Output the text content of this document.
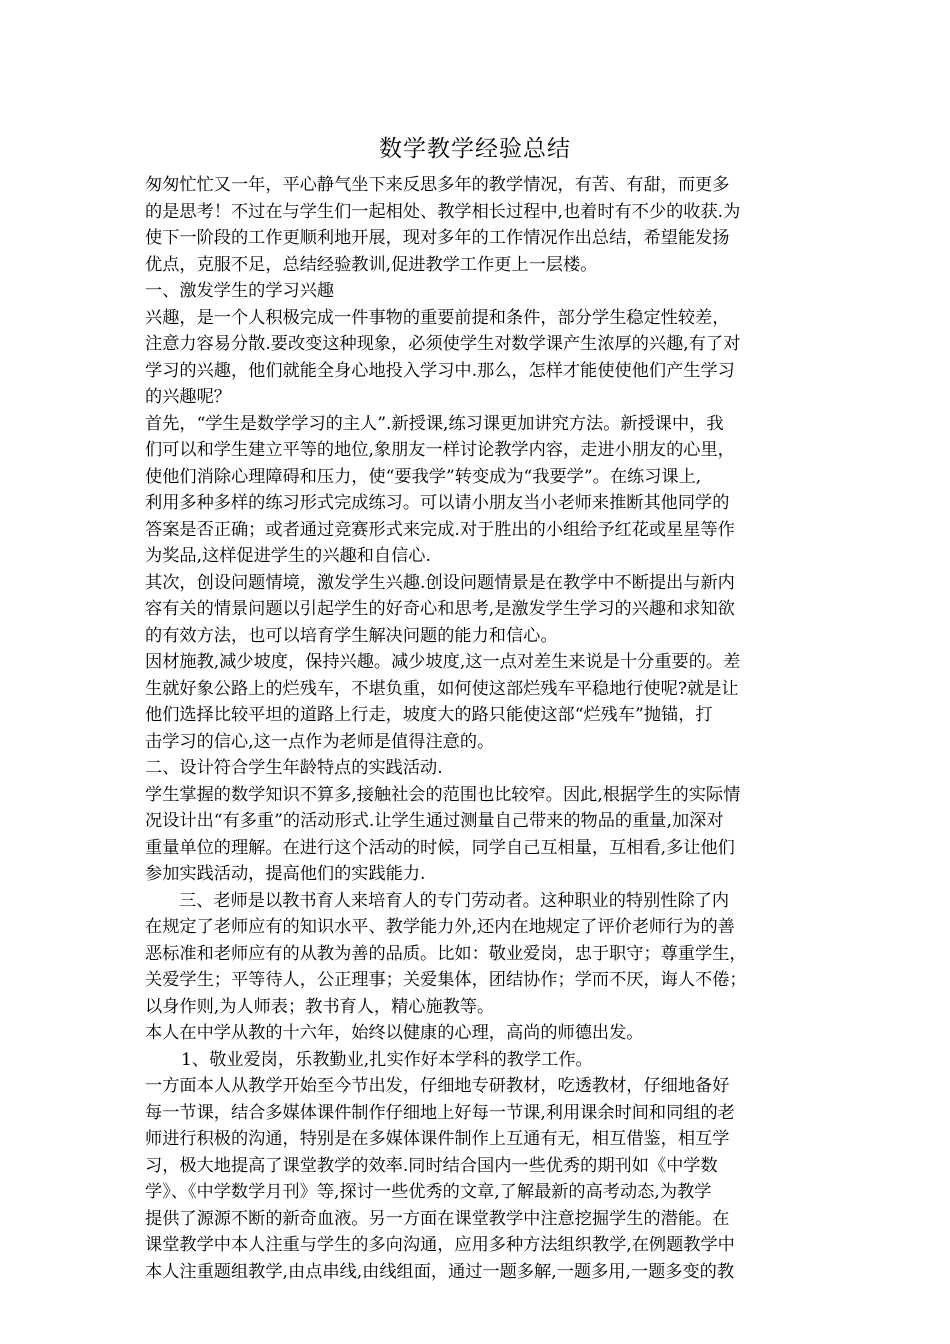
数学教学经验总结
匆匆忙忙又一年，平心静气坐下来反思多年的教学情况，有苦、有甜，而更多
的是思考！不过在与学生们一起相处、教学相长过程中,也着时有不少的收获.为
使下一阶段的工作更顺利地开展，现对多年的工作情况作出总结，希望能发扬
优点，克服不足，总结经验教训,促进教学工作更上一层楼。
一、激发学生的学习兴趣
兴趣，是一个人积极完成一件事物的重要前提和条件，部分学生稳定性较差，
注意力容易分散.要改变这种现象，必须使学生对数学课产生浓厚的兴趣,有了对
学习的兴趣，他们就能全身心地投入学习中.那么，怎样才能使使他们产生学习
的兴趣呢？
首先，“学生是数学学习的主人”.新授课,练习课更加讲究方法。新授课中，我
们可以和学生建立平等的地位,象朋友一样讨论教学内容，走进小朋友的心里，
使他们消除心理障碍和压力，使“要我学”转变成为“我要学”。在练习课上,
利用多种多样的练习形式完成练习。可以请小朋友当小老师来推断其他同学的
答案是否正确；或者通过竞赛形式来完成.对于胜出的小组给予红花或星星等作
为奖品,这样促进学生的兴趣和自信心.
其次，创设问题情境，激发学生兴趣.创设问题情景是在教学中不断提出与新内
容有关的情景问题以引起学生的好奇心和思考,是激发学生学习的兴趣和求知欲
的有效方法，也可以培育学生解决问题的能力和信心。
因材施教,减少坡度，保持兴趣。减少坡度,这一点对差生来说是十分重要的。差
生就好象公路上的烂残车，不堪负重，如何使这部烂残车平稳地行使呢?就是让
他们选择比较平坦的道路上行走，坡度大的路只能使这部“烂残车”抛锚，打
击学习的信心,这一点作为老师是值得注意的。
二、设计符合学生年龄特点的实践活动.
学生掌握的数学知识不算多,接触社会的范围也比较窄。因此,根据学生的实际情
况设计出“有多重”的活动形式.让学生通过测量自己带来的物品的重量,加深对
重量单位的理解。在进行这个活动的时候，同学自己互相量，互相看,多让他们
参加实践活动，提高他们的实践能力.
三、老师是以教书育人来培育人的专门劳动者。这种职业的特别性除了内
在规定了老师应有的知识水平、教学能力外,还内在地规定了评价老师行为的善
恶标准和老师应有的从教为善的品质。比如：敬业爱岗，忠于职守；尊重学生，
关爱学生；平等待人，公正理事；关爱集体，团结协作；学而不厌，诲人不倦；
以身作则,为人师表；教书育人，精心施教等。
本人在中学从教的十六年，始终以健康的心理，高尚的师德出发。
1、敬业爱岗，乐教勤业,扎实作好本学科的教学工作。
一方面本人从教学开始至今节出发，仔细地专研教材，吃透教材，仔细地备好
每一节课，结合多媒体课件制作仔细地上好每一节课,利用课余时间和同组的老
师进行积极的沟通，特别是在多媒体课件制作上互通有无，相互借鉴，相互学
习，极大地提高了课堂教学的效率.同时结合国内一些优秀的期刊如《中学数
学》、《中学数学月刊》等,探讨一些优秀的文章,了解最新的高考动态,为教学
提供了源源不断的新奇血液。另一方面在课堂教学中注意挖掘学生的潜能。在
课堂教学中本人注重与学生的多向沟通，应用多种方法组织教学,在例题教学中
本人注重题组教学,由点串线,由线组面，通过一题多解,一题多用,一题多变的教
